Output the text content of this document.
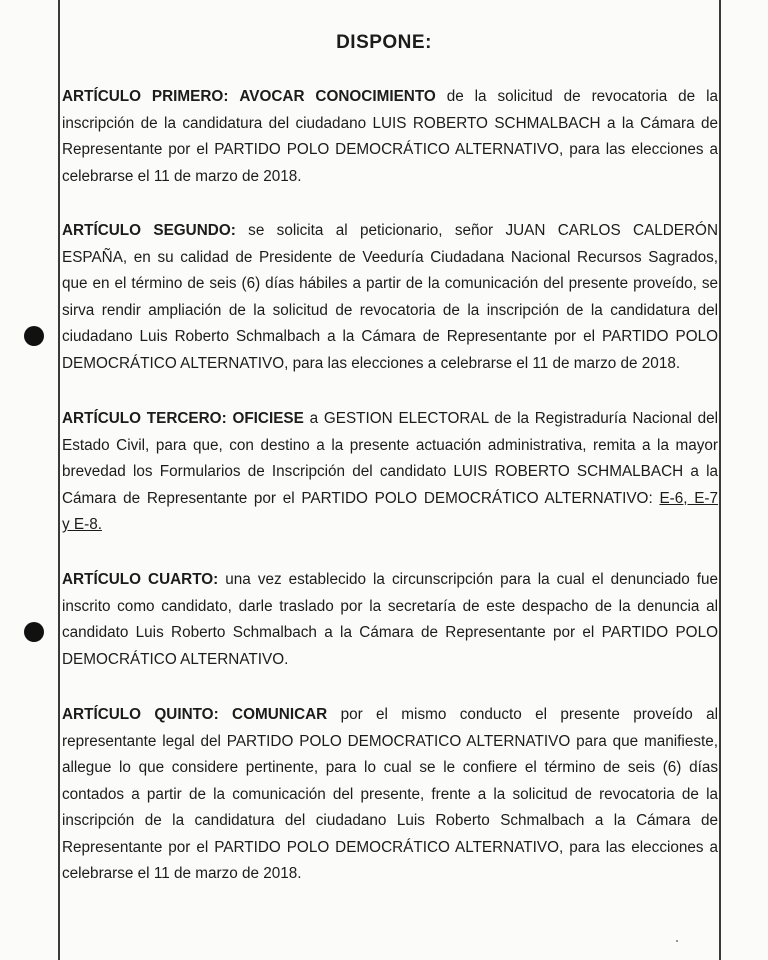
DISPONE:
ARTÍCULO PRIMERO: AVOCAR CONOCIMIENTO de la solicitud de revocatoria de la
inscripción de la candidatura del ciudadano LUIS ROBERTO SCHMALBACH a la Cámara de
Representante por el PARTIDO POLO DEMOCRÁTICO ALTERNATIVO, para las elecciones a
celebrarse el 11 de marzo de 2018.
ARTÍCULO SEGUNDO: se solicita al peticionario, señor JUAN CARLOS CALDERÓN
ESPAÑA, en su calidad de Presidente de Veeduría Ciudadana Nacional Recursos Sagrados,
que en el término de seis (6) días hábiles a partir de la comunicación del presente proveído, se
sirva rendir ampliación de la solicitud de revocatoria de la inscripción de la candidatura del
ciudadano Luis Roberto Schmalbach a la Cámara de Representante por el PARTIDO POLO
DEMOCRÁTICO ALTERNATIVO, para las elecciones a celebrarse el 11 de marzo de 2018.
ARTÍCULO TERCERO: OFICIESE a GESTION ELECTORAL de la Registraduría Nacional del
Estado Civil, para que, con destino a la presente actuación administrativa, remita a la mayor
brevedad los Formularios de Inscripción del candidato LUIS ROBERTO SCHMALBACH a la
Cámara de Representante por el PARTIDO POLO DEMOCRÁTICO ALTERNATIVO: E-6, E-7
y E-8.
ARTÍCULO CUARTO: una vez establecido la circunscripción para la cual el denunciado fue
inscrito como candidato, darle traslado por la secretaría de este despacho de la denuncia al
candidato Luis Roberto Schmalbach a la Cámara de Representante por el PARTIDO POLO
DEMOCRÁTICO ALTERNATIVO.
ARTÍCULO QUINTO: COMUNICAR por el mismo conducto el presente proveído al
representante legal del PARTIDO POLO DEMOCRATICO ALTERNATIVO para que manifieste,
allegue lo que considere pertinente, para lo cual se le confiere el término de seis (6) días
contados a partir de la comunicación del presente, frente a la solicitud de revocatoria de la
inscripción de la candidatura del ciudadano Luis Roberto Schmalbach a la Cámara de
Representante por el PARTIDO POLO DEMOCRÁTICO ALTERNATIVO, para las elecciones a
celebrarse el 11 de marzo de 2018.
